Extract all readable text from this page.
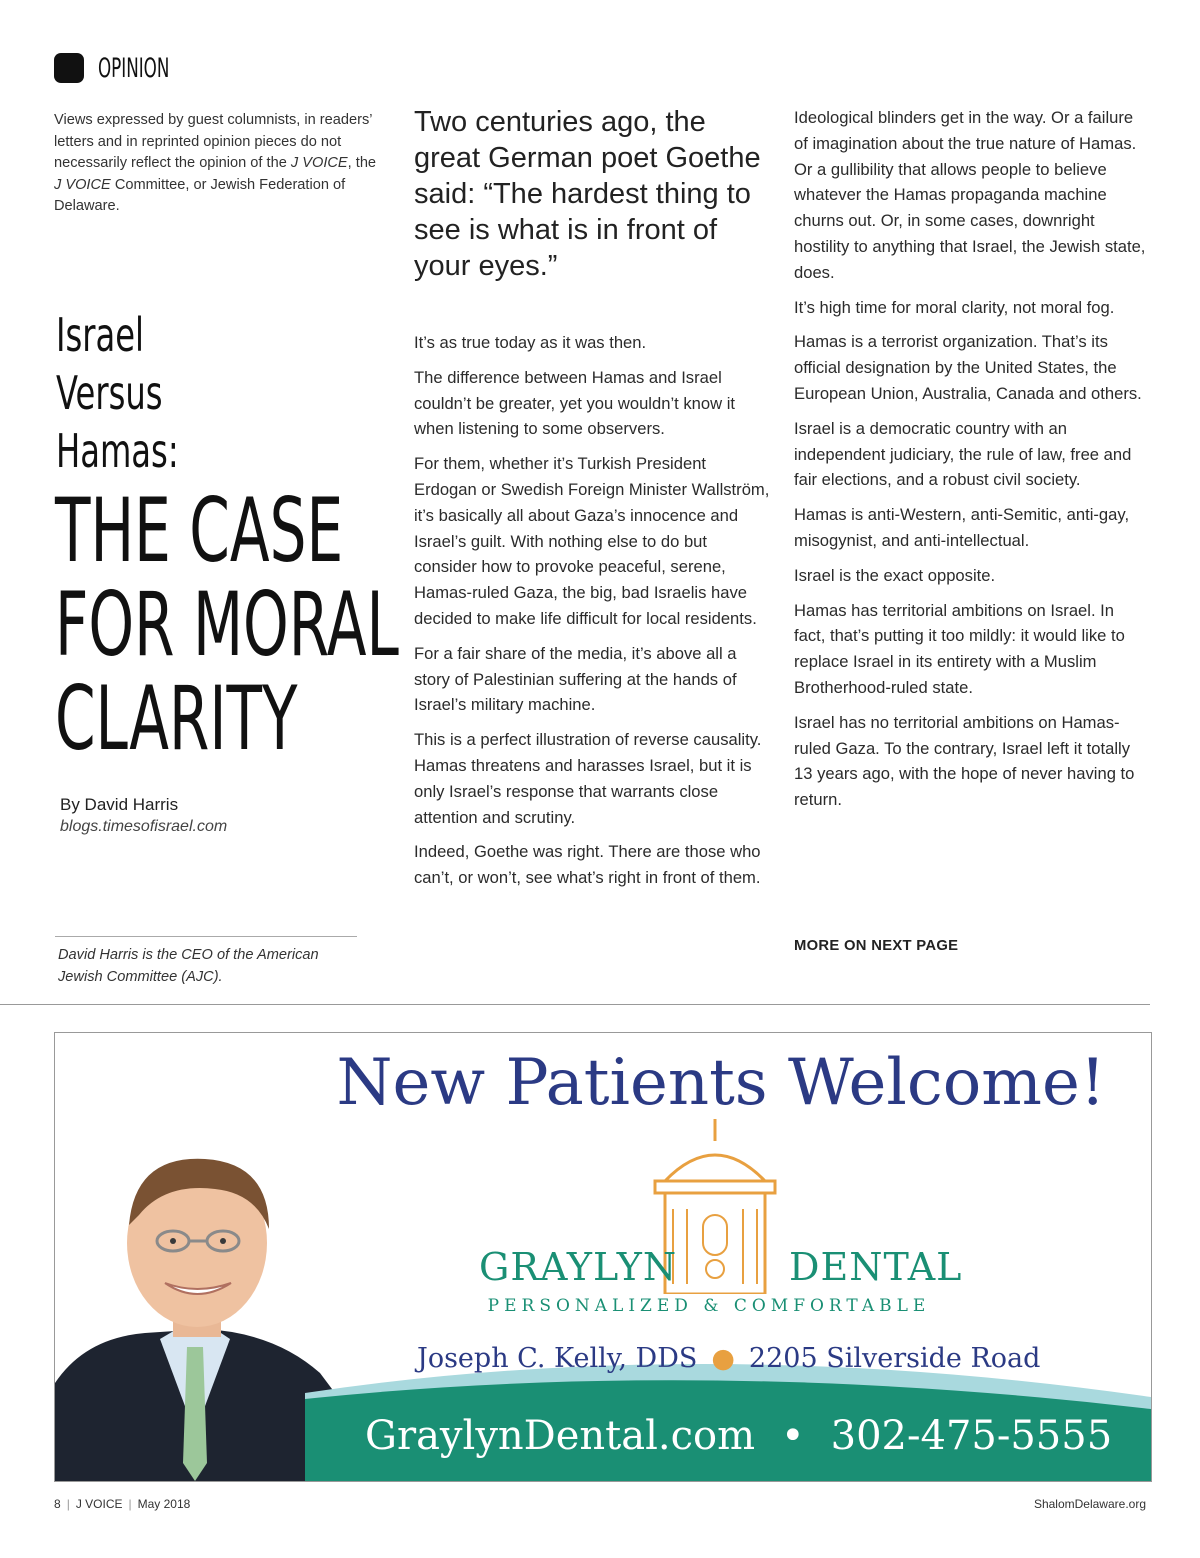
OPINION
Views expressed by guest columnists, in readers’ letters and in reprinted opinion pieces do not necessarily reflect the opinion of the J VOICE, the J VOICE Committee, or Jewish Federation of Delaware.
Israel
Versus
Hamas:
THE CASE
FOR MORAL
CLARITY
By David Harris
blogs.timesofisrael.com
David Harris is the CEO of the American Jewish Committee (AJC).
Two centuries ago, the great German poet Goethe said: “The hardest thing to see is what is in front of your eyes.”

It’s as true today as it was then.

The difference between Hamas and Israel couldn’t be greater, yet you wouldn’t know it when listening to some observers.

For them, whether it’s Turkish President Erdogan or Swedish Foreign Minister Wallström, it’s basically all about Gaza’s innocence and Israel’s guilt. With nothing else to do but consider how to provoke peaceful, serene, Hamas-ruled Gaza, the big, bad Israelis have decided to make life difficult for local residents.

For a fair share of the media, it’s above all a story of Palestinian suffering at the hands of Israel’s military machine.

This is a perfect illustration of reverse causality. Hamas threatens and harasses Israel, but it is only Israel’s response that warrants close attention and scrutiny.

Indeed, Goethe was right. There are those who can’t, or won’t, see what’s right in front of them.

Ideological blinders get in the way. Or a failure of imagination about the true nature of Hamas. Or a gullibility that allows people to believe whatever the Hamas propaganda machine churns out. Or, in some cases, downright hostility to anything that Israel, the Jewish state, does.

It’s high time for moral clarity, not moral fog.

Hamas is a terrorist organization. That’s its official designation by the United States, the European Union, Australia, Canada and others.

Israel is a democratic country with an independent judiciary, the rule of law, free and fair elections, and a robust civil society.

Hamas is anti-Western, anti-Semitic, anti-gay, misogynist, and anti-intellectual.

Israel is the exact opposite.

Hamas has territorial ambitions on Israel. In fact, that’s putting it too mildly: it would like to replace Israel in its entirety with a Muslim Brotherhood-ruled state.

Israel has no territorial ambitions on Hamas-ruled Gaza. To the contrary, Israel left it totally 13 years ago, with the hope of never having to return.

MORE ON NEXT PAGE
New Patients Welcome!
GRAYLYN	DENTAL
PERSONALIZED & COMFORTABLE
Joseph C. Kelly, DDS ● 2205 Silverside Road
GraylynDental.com • 302-475-5555
8 | J VOICE | May 2018	ShalomDelaware.org
